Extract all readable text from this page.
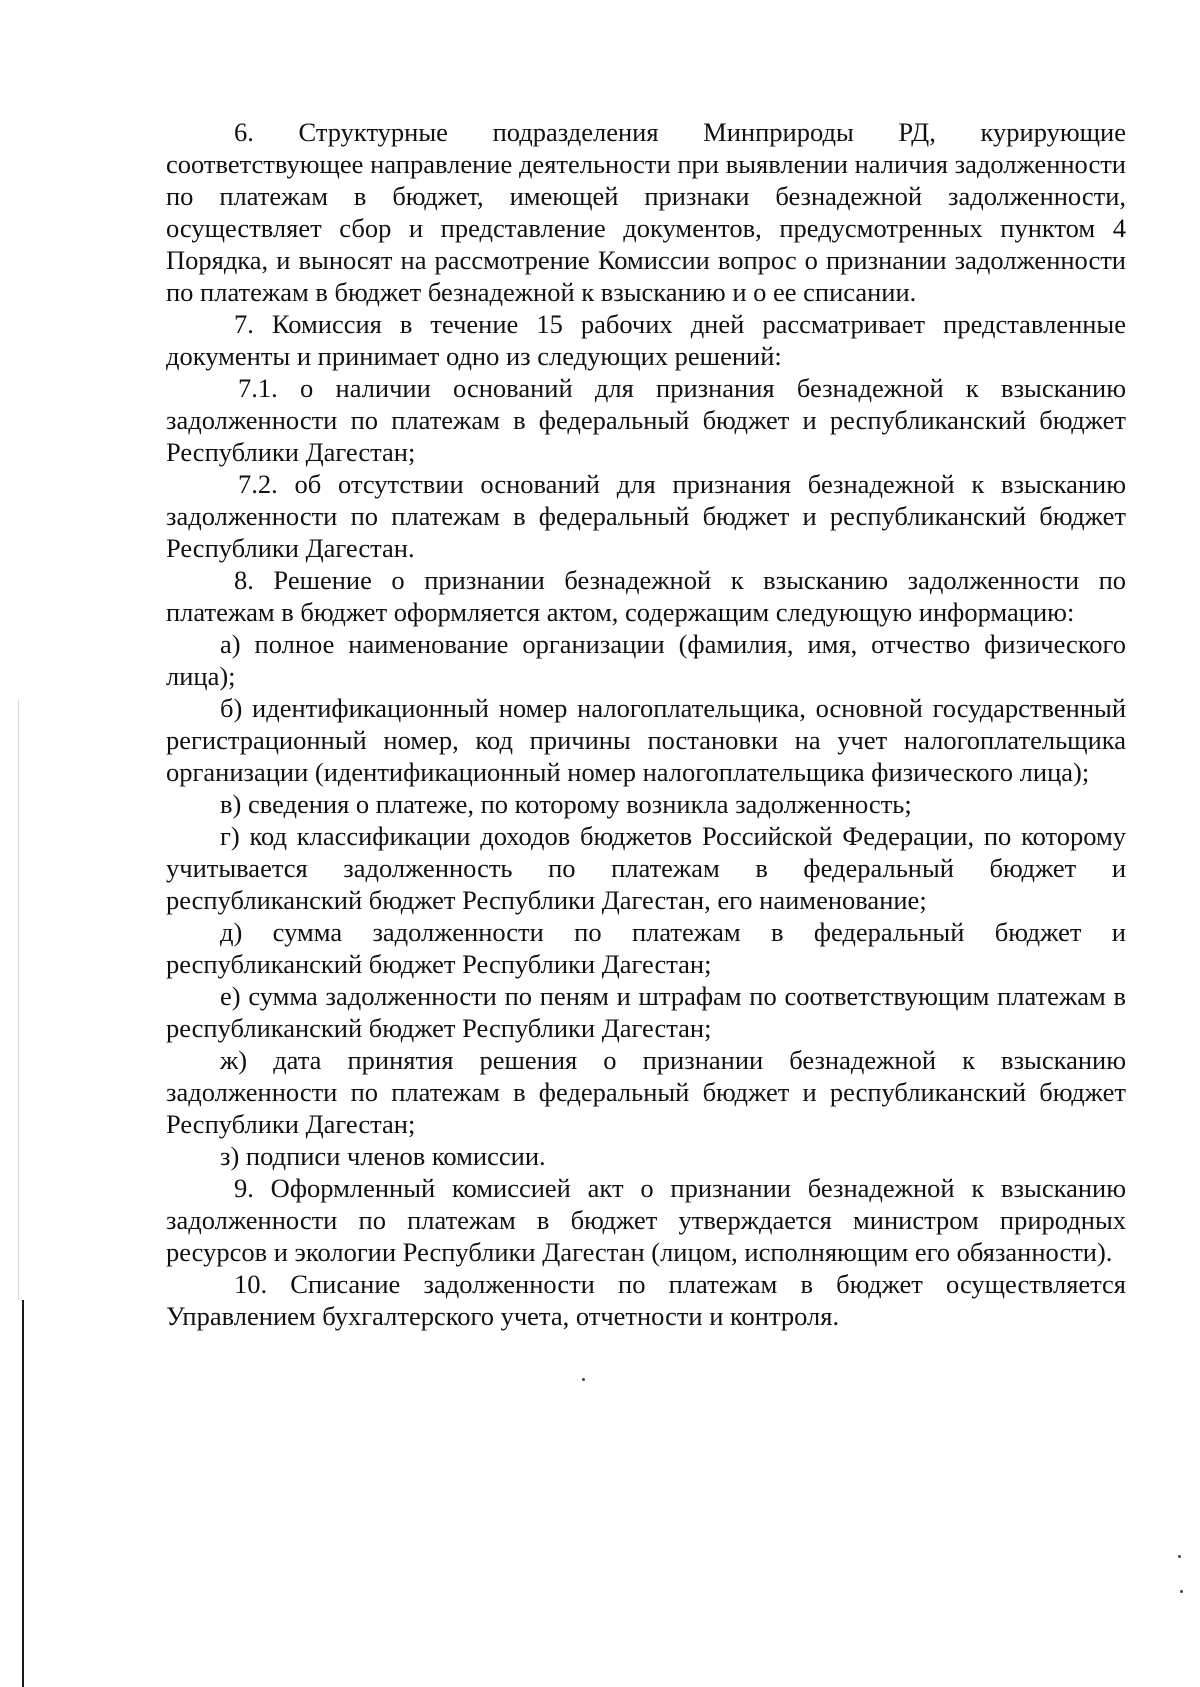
6. Структурные подразделения Минприроды РД, курирующие соответствующее направление деятельности при выявлении наличия задолженности по платежам в бюджет, имеющей признаки безнадежной задолженности, осуществляет сбор и представление документов, предусмотренных пунктом 4 Порядка, и выносят на рассмотрение Комиссии вопрос о признании задолженности по платежам в бюджет безнадежной к взысканию и о ее списании.

7. Комиссия в течение 15 рабочих дней рассматривает представленные документы и принимает одно из следующих решений:

7.1. о наличии оснований для признания безнадежной к взысканию задолженности по платежам в федеральный бюджет и республиканский бюджет Республики Дагестан;

7.2. об отсутствии оснований для признания безнадежной к взысканию задолженности по платежам в федеральный бюджет и республиканский бюджет Республики Дагестан.

8. Решение о признании безнадежной к взысканию задолженности по платежам в бюджет оформляется актом, содержащим следующую информацию:

а) полное наименование организации (фамилия, имя, отчество физического лица);

б) идентификационный номер налогоплательщика, основной государственный регистрационный номер, код причины постановки на учет налогоплательщика организации (идентификационный номер налогоплательщика физического лица);

в) сведения о платеже, по которому возникла задолженность;

г) код классификации доходов бюджетов Российской Федерации, по которому учитывается задолженность по платежам в федеральный бюджет и республиканский бюджет Республики Дагестан, его наименование;

д) сумма задолженности по платежам в федеральный бюджет и республиканский бюджет Республики Дагестан;

е) сумма задолженности по пеням и штрафам по соответствующим платежам в республиканский бюджет Республики Дагестан;

ж) дата принятия решения о признании безнадежной к взысканию задолженности по платежам в федеральный бюджет и республиканский бюджет Республики Дагестан;

з) подписи членов комиссии.

9. Оформленный комиссией акт о признании безнадежной к взысканию задолженности по платежам в бюджет утверждается министром природных ресурсов и экологии Республики Дагестан (лицом, исполняющим его обязанности).

10. Списание задолженности по платежам в бюджет осуществляется Управлением бухгалтерского учета, отчетности и контроля.
